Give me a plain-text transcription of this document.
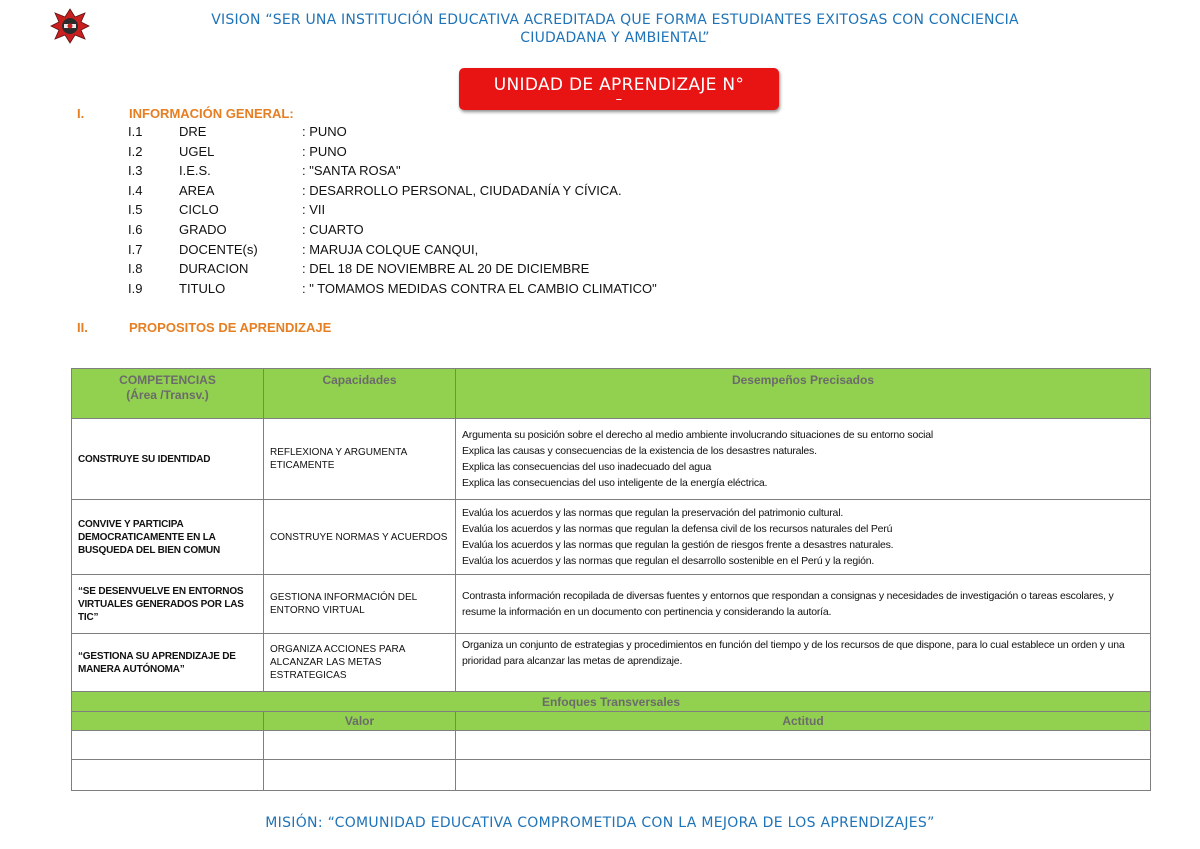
VISION “SER UNA INSTITUCIÓN EDUCATIVA ACREDITADA QUE FORMA ESTUDIANTES EXITOSAS CON CONCIENCIA
CIUDADANA Y AMBIENTAL”
UNIDAD DE APRENDIZAJE N°
–
I.	INFORMACIÓN GENERAL:
I.1	DRE	: PUNO
I.2	UGEL	: PUNO
I.3	I.E.S.	: "SANTA ROSA"
I.4	AREA	: DESARROLLO PERSONAL, CIUDADANÍA Y CÍVICA.
I.5	CICLO	: VII
I.6	GRADO	: CUARTO
I.7	DOCENTE(s)	: MARUJA COLQUE CANQUI,
I.8	DURACION	: DEL 18 DE NOVIEMBRE AL 20 DE DICIEMBRE
I.9	TITULO	: " TOMAMOS MEDIDAS CONTRA EL CAMBIO CLIMATICO"
II.	PROPOSITOS DE APRENDIZAJE
COMPETENCIAS
(Área /Transv.)	Capacidades	Desempeños Precisados
CONSTRUYE SU IDENTIDAD	REFLEXIONA Y ARGUMENTA ETICAMENTE	Argumenta su posición sobre el derecho al medio ambiente involucrando situaciones de su entorno social
Explica las causas y consecuencias de la existencia de los desastres naturales.
Explica las consecuencias del uso inadecuado del agua
Explica las consecuencias del uso inteligente de la energía eléctrica.

CONVIVE Y PARTICIPA DEMOCRATICAMENTE EN LA BUSQUEDA DEL BIEN COMUN	CONSTRUYE NORMAS Y ACUERDOS	Evalúa los acuerdos y las normas que regulan la preservación del patrimonio cultural.
Evalúa los acuerdos y las normas que regulan la defensa civil de los recursos naturales del Perú
Evalúa los acuerdos y las normas que regulan la gestión de riesgos frente a desastres naturales.
Evalúa los acuerdos y las normas que regulan el desarrollo sostenible en el Perú y la región.

“SE DESENVUELVE EN ENTORNOS VIRTUALES GENERADOS POR LAS TIC”	GESTIONA INFORMACIÓN DEL ENTORNO VIRTUAL	Contrasta información recopilada de diversas fuentes y entornos que respondan a consignas y necesidades de investigación o tareas escolares, y resume la información en un documento con pertinencia y considerando la autoría.

“GESTIONA SU APRENDIZAJE DE MANERA AUTÓNOMA”	ORGANIZA ACCIONES PARA ALCANZAR LAS METAS ESTRATEGICAS	Organiza un conjunto de estrategias y procedimientos en función del tiempo y de los recursos de que dispone, para lo cual establece un orden y una prioridad para alcanzar las metas de aprendizaje.

Enfoques Transversales		
	Valor	Actitud

MISIÓN: “COMUNIDAD EDUCATIVA COMPROMETIDA CON LA MEJORA DE LOS APRENDIZAJES”
